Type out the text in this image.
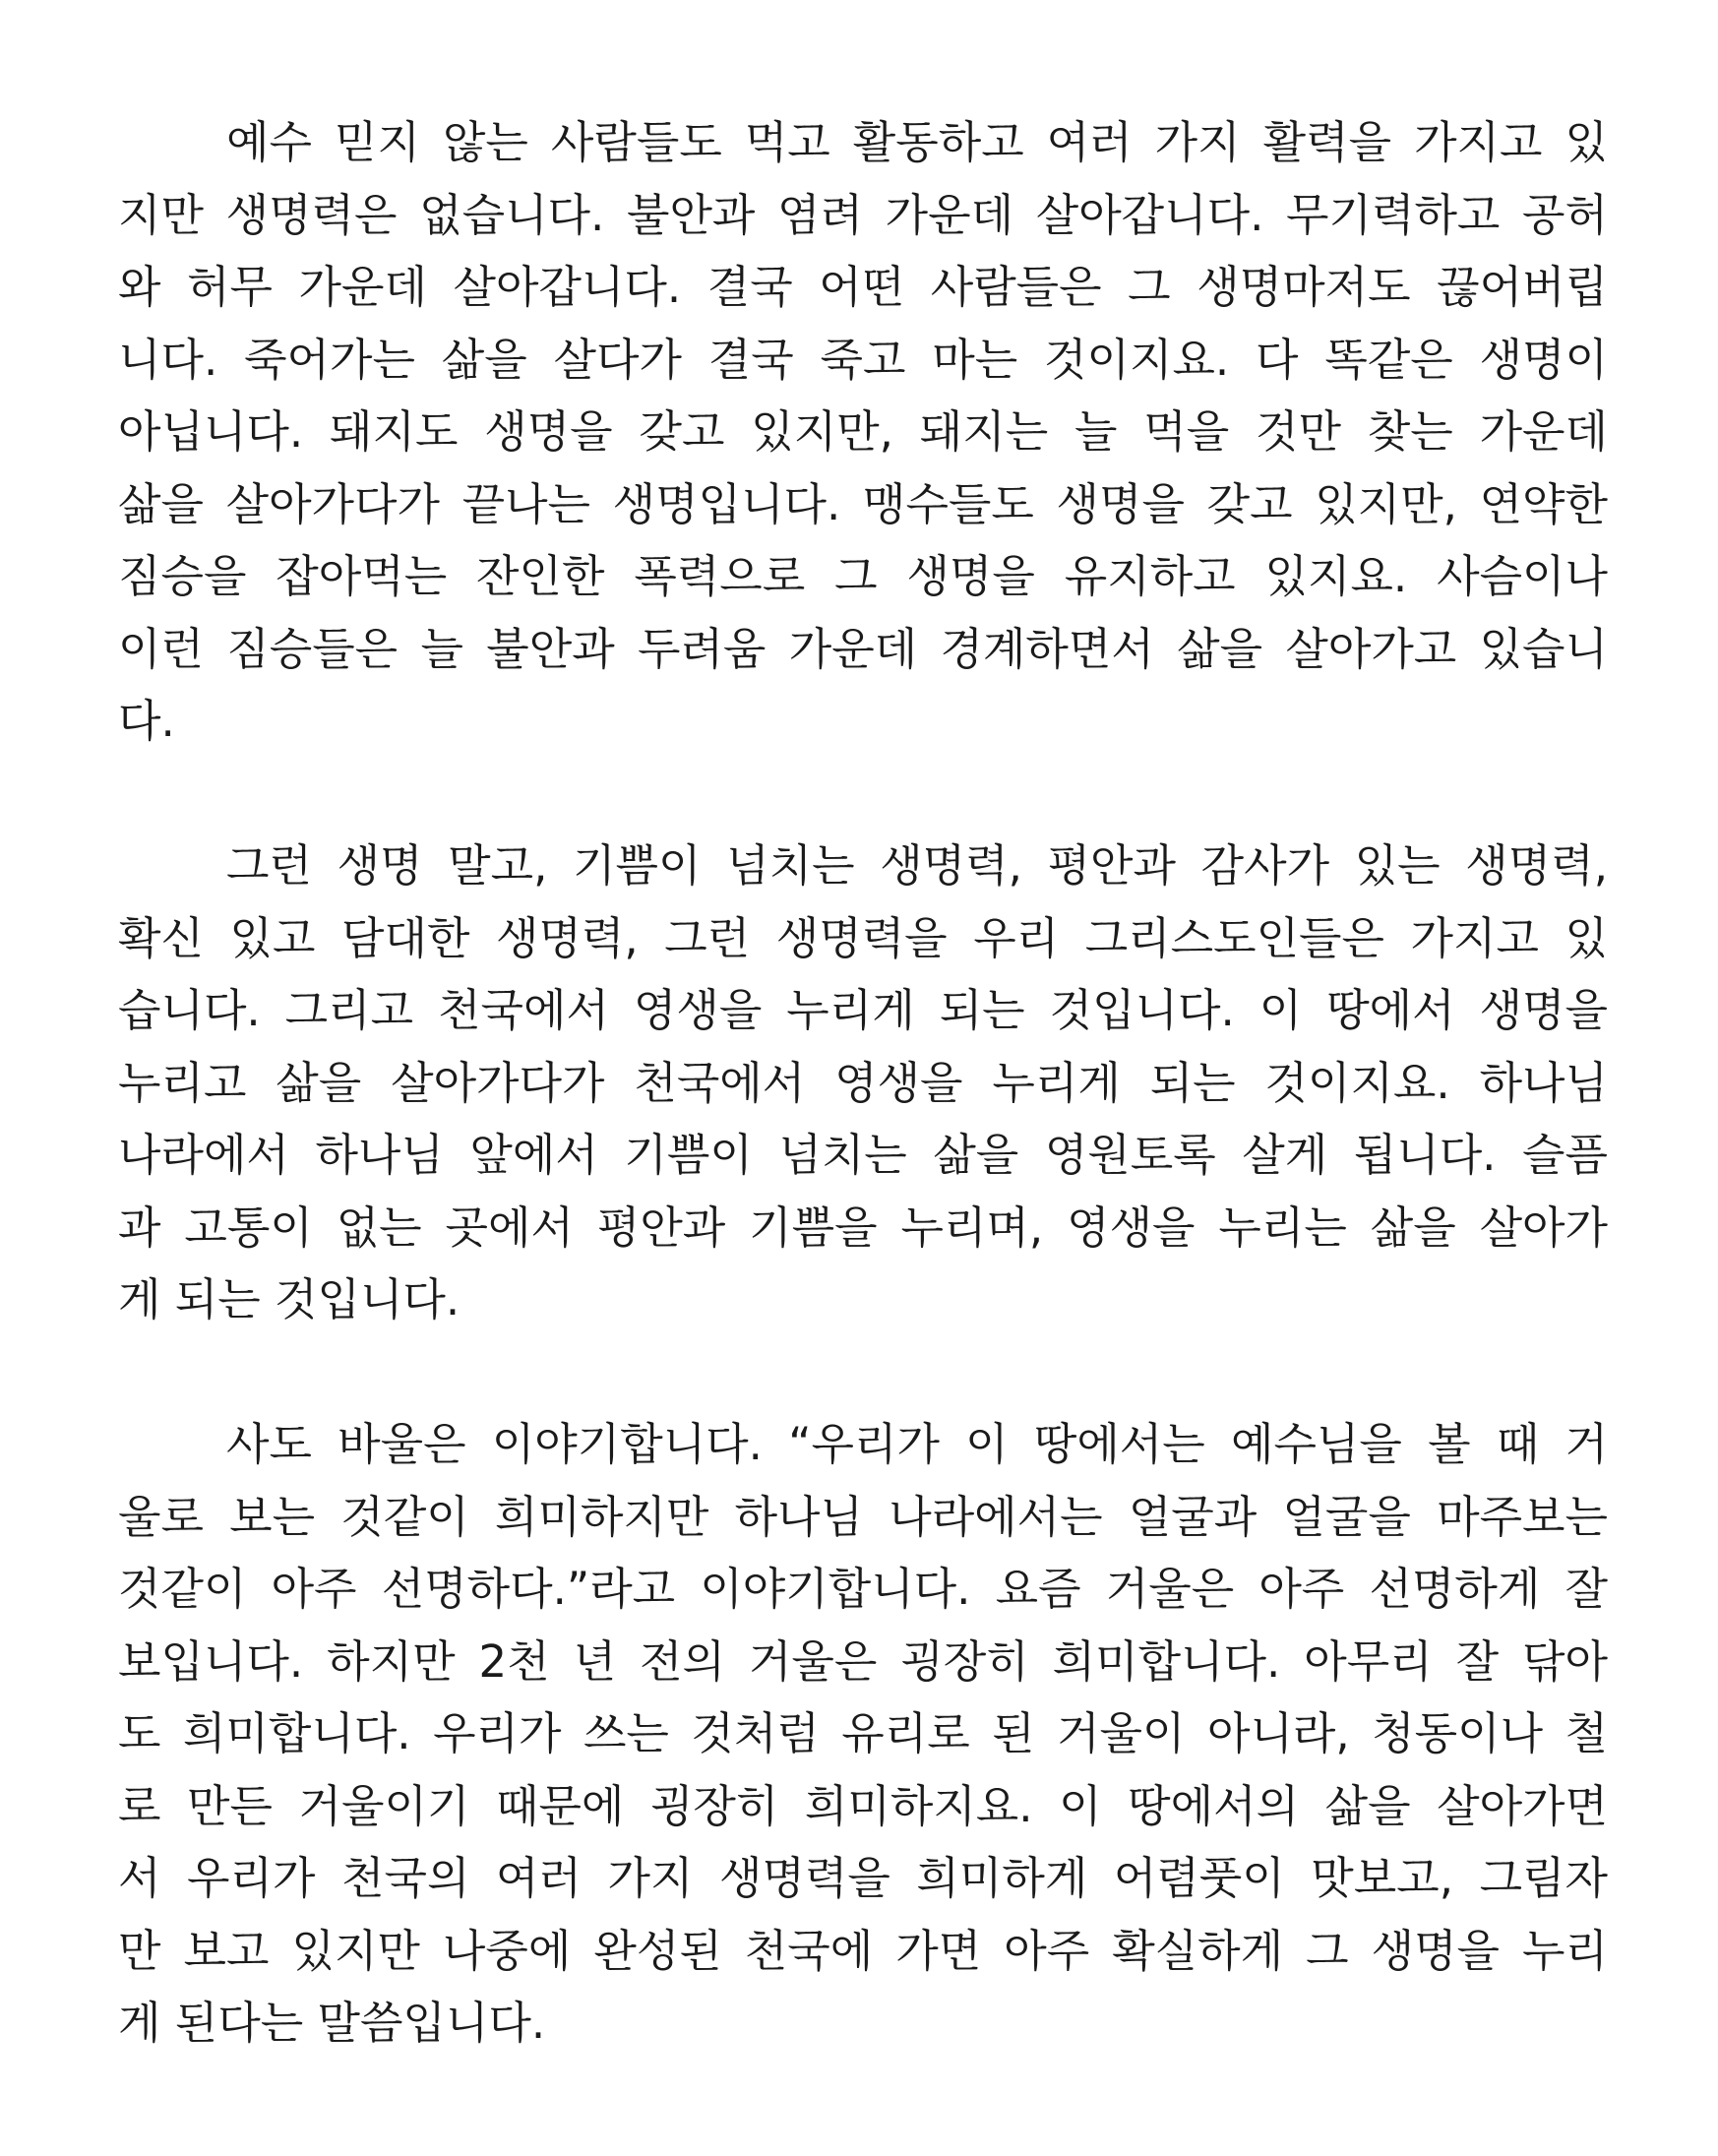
예수 믿지 않는 사람들도 먹고 활동하고 여러 가지 활력을 가지고 있
지만 생명력은 없습니다. 불안과 염려 가운데 살아갑니다. 무기력하고 공허
와 허무 가운데 살아갑니다. 결국 어떤 사람들은 그 생명마저도 끊어버립
니다. 죽어가는 삶을 살다가 결국 죽고 마는 것이지요. 다 똑같은 생명이
아닙니다. 돼지도 생명을 갖고 있지만, 돼지는 늘 먹을 것만 찾는 가운데
삶을 살아가다가 끝나는 생명입니다. 맹수들도 생명을 갖고 있지만, 연약한
짐승을 잡아먹는 잔인한 폭력으로 그 생명을 유지하고 있지요. 사슴이나
이런 짐승들은 늘 불안과 두려움 가운데 경계하면서 삶을 살아가고 있습니
다.
그런 생명 말고, 기쁨이 넘치는 생명력, 평안과 감사가 있는 생명력,
확신 있고 담대한 생명력, 그런 생명력을 우리 그리스도인들은 가지고 있
습니다. 그리고 천국에서 영생을 누리게 되는 것입니다. 이 땅에서 생명을
누리고 삶을 살아가다가 천국에서 영생을 누리게 되는 것이지요. 하나님
나라에서 하나님 앞에서 기쁨이 넘치는 삶을 영원토록 살게 됩니다. 슬픔
과 고통이 없는 곳에서 평안과 기쁨을 누리며, 영생을 누리는 삶을 살아가
게 되는 것입니다.
사도 바울은 이야기합니다. “우리가 이 땅에서는 예수님을 볼 때 거
울로 보는 것같이 희미하지만 하나님 나라에서는 얼굴과 얼굴을 마주보는
것같이 아주 선명하다.”라고 이야기합니다. 요즘 거울은 아주 선명하게 잘
보입니다. 하지만 2천 년 전의 거울은 굉장히 희미합니다. 아무리 잘 닦아
도 희미합니다. 우리가 쓰는 것처럼 유리로 된 거울이 아니라, 청동이나 철
로 만든 거울이기 때문에 굉장히 희미하지요. 이 땅에서의 삶을 살아가면
서 우리가 천국의 여러 가지 생명력을 희미하게 어렴풋이 맛보고, 그림자
만 보고 있지만 나중에 완성된 천국에 가면 아주 확실하게 그 생명을 누리
게 된다는 말씀입니다.
